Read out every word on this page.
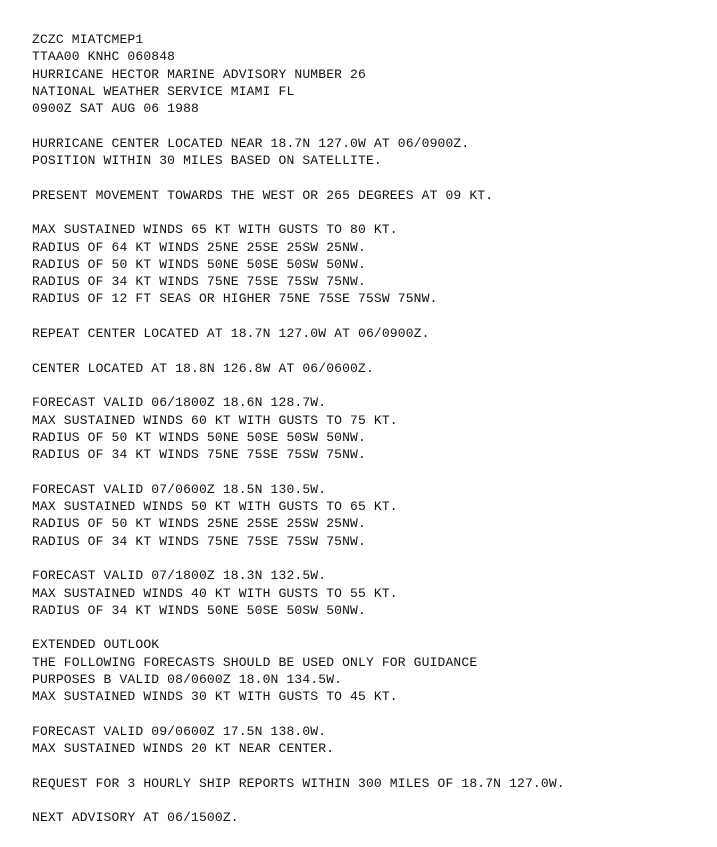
ZCZC MIATCMEP1
TTAA00 KNHC 060848
HURRICANE HECTOR MARINE ADVISORY NUMBER 26
NATIONAL WEATHER SERVICE MIAMI FL
0900Z SAT AUG 06 1988
HURRICANE CENTER LOCATED NEAR 18.7N 127.0W AT 06/0900Z.
POSITION WITHIN 30 MILES BASED ON SATELLITE.
PRESENT MOVEMENT TOWARDS THE WEST OR 265 DEGREES AT 09 KT.
MAX SUSTAINED WINDS 65 KT WITH GUSTS TO 80 KT.
RADIUS OF 64 KT WINDS 25NE 25SE 25SW 25NW.
RADIUS OF 50 KT WINDS 50NE 50SE 50SW 50NW.
RADIUS OF 34 KT WINDS 75NE 75SE 75SW 75NW.
RADIUS OF 12 FT SEAS OR HIGHER 75NE 75SE 75SW 75NW.
REPEAT CENTER LOCATED AT 18.7N 127.0W AT 06/0900Z.
CENTER LOCATED AT 18.8N 126.8W AT 06/0600Z.
FORECAST VALID 06/1800Z 18.6N 128.7W.
MAX SUSTAINED WINDS 60 KT WITH GUSTS TO 75 KT.
RADIUS OF 50 KT WINDS 50NE 50SE 50SW 50NW.
RADIUS OF 34 KT WINDS 75NE 75SE 75SW 75NW.
FORECAST VALID 07/0600Z 18.5N 130.5W.
MAX SUSTAINED WINDS 50 KT WITH GUSTS TO 65 KT.
RADIUS OF 50 KT WINDS 25NE 25SE 25SW 25NW.
RADIUS OF 34 KT WINDS 75NE 75SE 75SW 75NW.
FORECAST VALID 07/1800Z 18.3N 132.5W.
MAX SUSTAINED WINDS 40 KT WITH GUSTS TO 55 KT.
RADIUS OF 34 KT WINDS 50NE 50SE 50SW 50NW.
EXTENDED OUTLOOK
THE FOLLOWING FORECASTS SHOULD BE USED ONLY FOR GUIDANCE
PURPOSES B VALID 08/0600Z 18.0N 134.5W.
MAX SUSTAINED WINDS 30 KT WITH GUSTS TO 45 KT.
FORECAST VALID 09/0600Z 17.5N 138.0W.
MAX SUSTAINED WINDS 20 KT NEAR CENTER.
REQUEST FOR 3 HOURLY SHIP REPORTS WITHIN 300 MILES OF 18.7N 127.0W.
NEXT ADVISORY AT 06/1500Z.
